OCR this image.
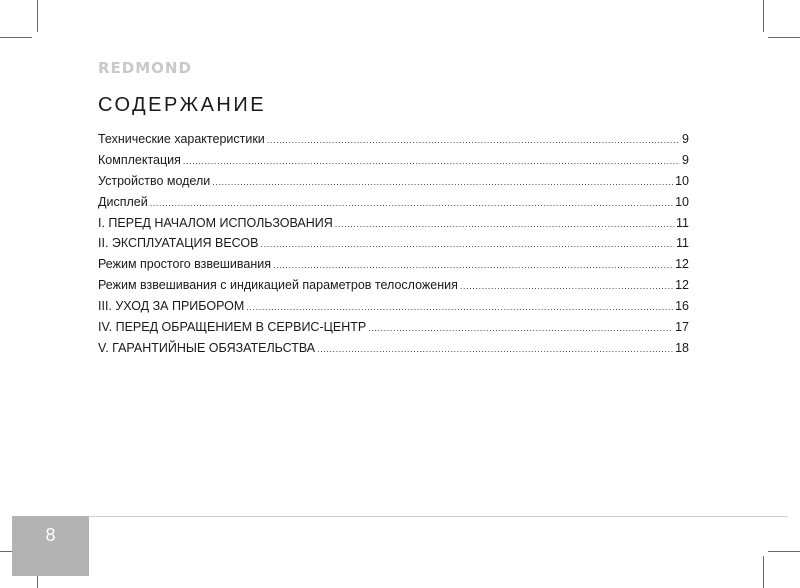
REDMOND
СОДЕРЖАНИЕ
Технические характеристики .....	9
Комплектация .....	9
Устройство модели .....	10
Дисплей .....	10
I. ПЕРЕД НАЧАЛОМ ИСПОЛЬЗОВАНИЯ .....	11
II. ЭКСПЛУАТАЦИЯ ВЕСОВ .....	11
Режим простого взвешивания .....	12
Режим взвешивания с индикацией параметров телосложения .....	12
III. УХОД ЗА ПРИБОРОМ .....	16
IV. ПЕРЕД ОБРАЩЕНИЕМ В СЕРВИС-ЦЕНТР .....	17
V. ГАРАНТИЙНЫЕ ОБЯЗАТЕЛЬСТВА .....	18
8
